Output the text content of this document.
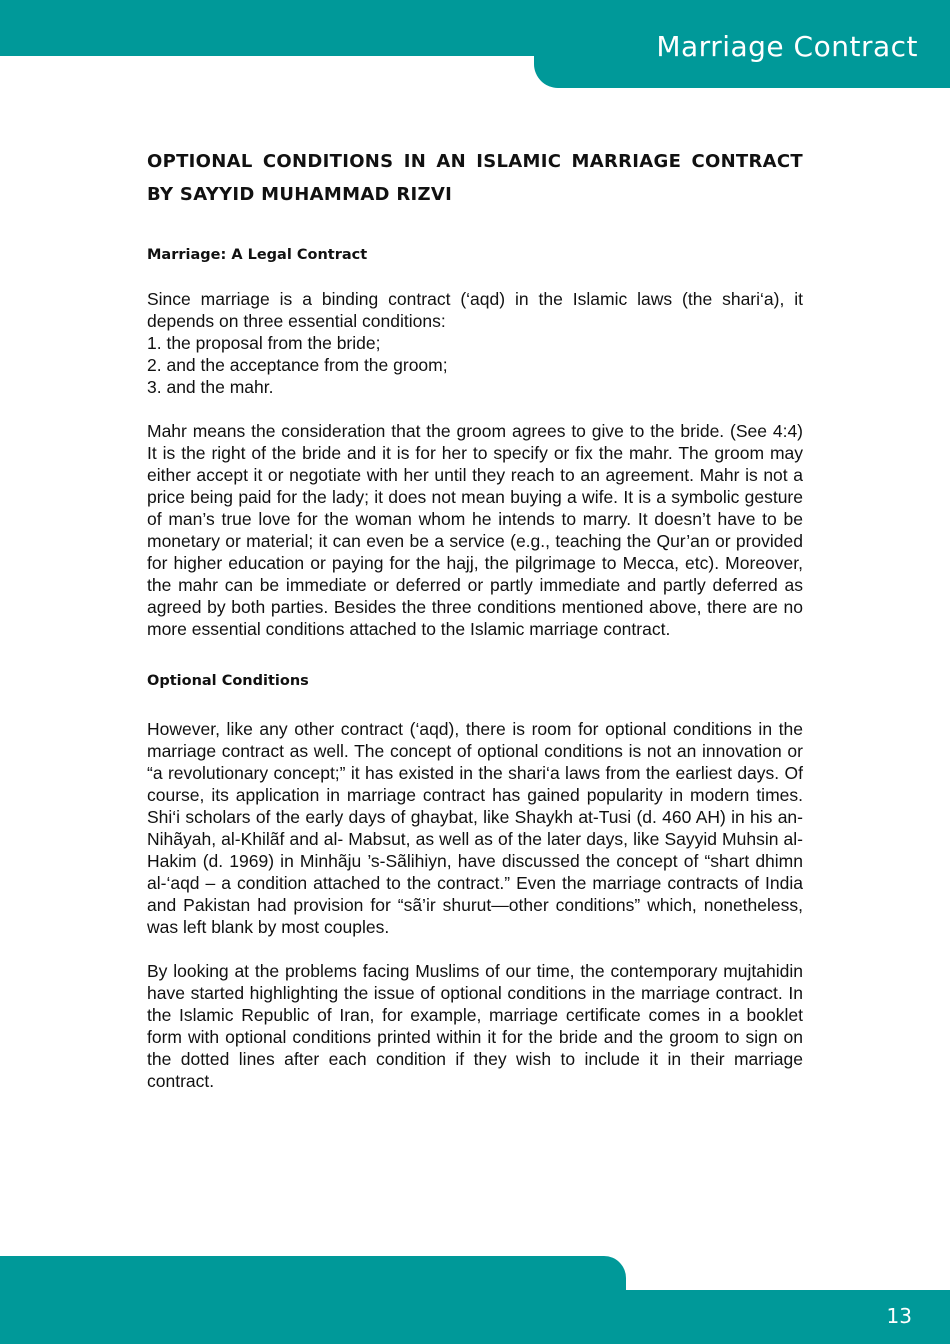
Marriage Contract
OPTIONAL CONDITIONS IN AN ISLAMIC MARRIAGE CONTRACT
BY SAYYID MUHAMMAD RIZVI
Marriage: A Legal Contract

Since marriage is a binding contract (‘aqd) in the Islamic laws (the shari‘a), it depends on three essential conditions:

1. the proposal from the bride;
2. and the acceptance from the groom;
3. and the mahr.

Mahr means the consideration that the groom agrees to give to the bride. (See 4:4) It is the right of the bride and it is for her to specify or fix the mahr. The groom may either accept it or negotiate with her until they reach to an agreement. Mahr is not a price being paid for the lady; it does not mean buying a wife. It is a symbolic gesture of man’s true love for the woman whom he intends to marry. It doesn’t have to be monetary or material; it can even be a service (e.g., teaching the Qur’an or provided for higher education or paying for the hajj, the pilgrimage to Mecca, etc). Moreover, the mahr can be immediate or deferred or partly immediate and partly deferred as agreed by both parties. Besides the three conditions mentioned above, there are no more essential conditions attached to the Islamic marriage contract.

Optional Conditions

However, like any other contract (‘aqd), there is room for optional conditions in the marriage contract as well. The concept of optional conditions is not an innovation or “a revolutionary concept;” it has existed in the shari‘a laws from the earliest days. Of course, its application in marriage contract has gained popularity in modern times. Shi‘i scholars of the early days of ghaybat, like Shaykh at-Tusi (d. 460 AH) in his an-Nihãyah, al-Khilãf and al- Mabsut, as well as of the later days, like Sayyid Muhsin al-Hakim (d. 1969) in Minhãju ’s-Sãlihiyn, have discussed the concept of “shart dhimn al-‘aqd – a condition attached to the contract.” Even the marriage contracts of India and Pakistan had provision for “sã’ir shurut—other conditions” which, nonetheless, was left blank by most couples.

By looking at the problems facing Muslims of our time, the contemporary mujtahidin have started highlighting the issue of optional conditions in the marriage contract. In the Islamic Republic of Iran, for example, marriage certificate comes in a booklet form with optional conditions printed within it for the bride and the groom to sign on the dotted lines after each condition if they wish to include it in their marriage contract.

13
